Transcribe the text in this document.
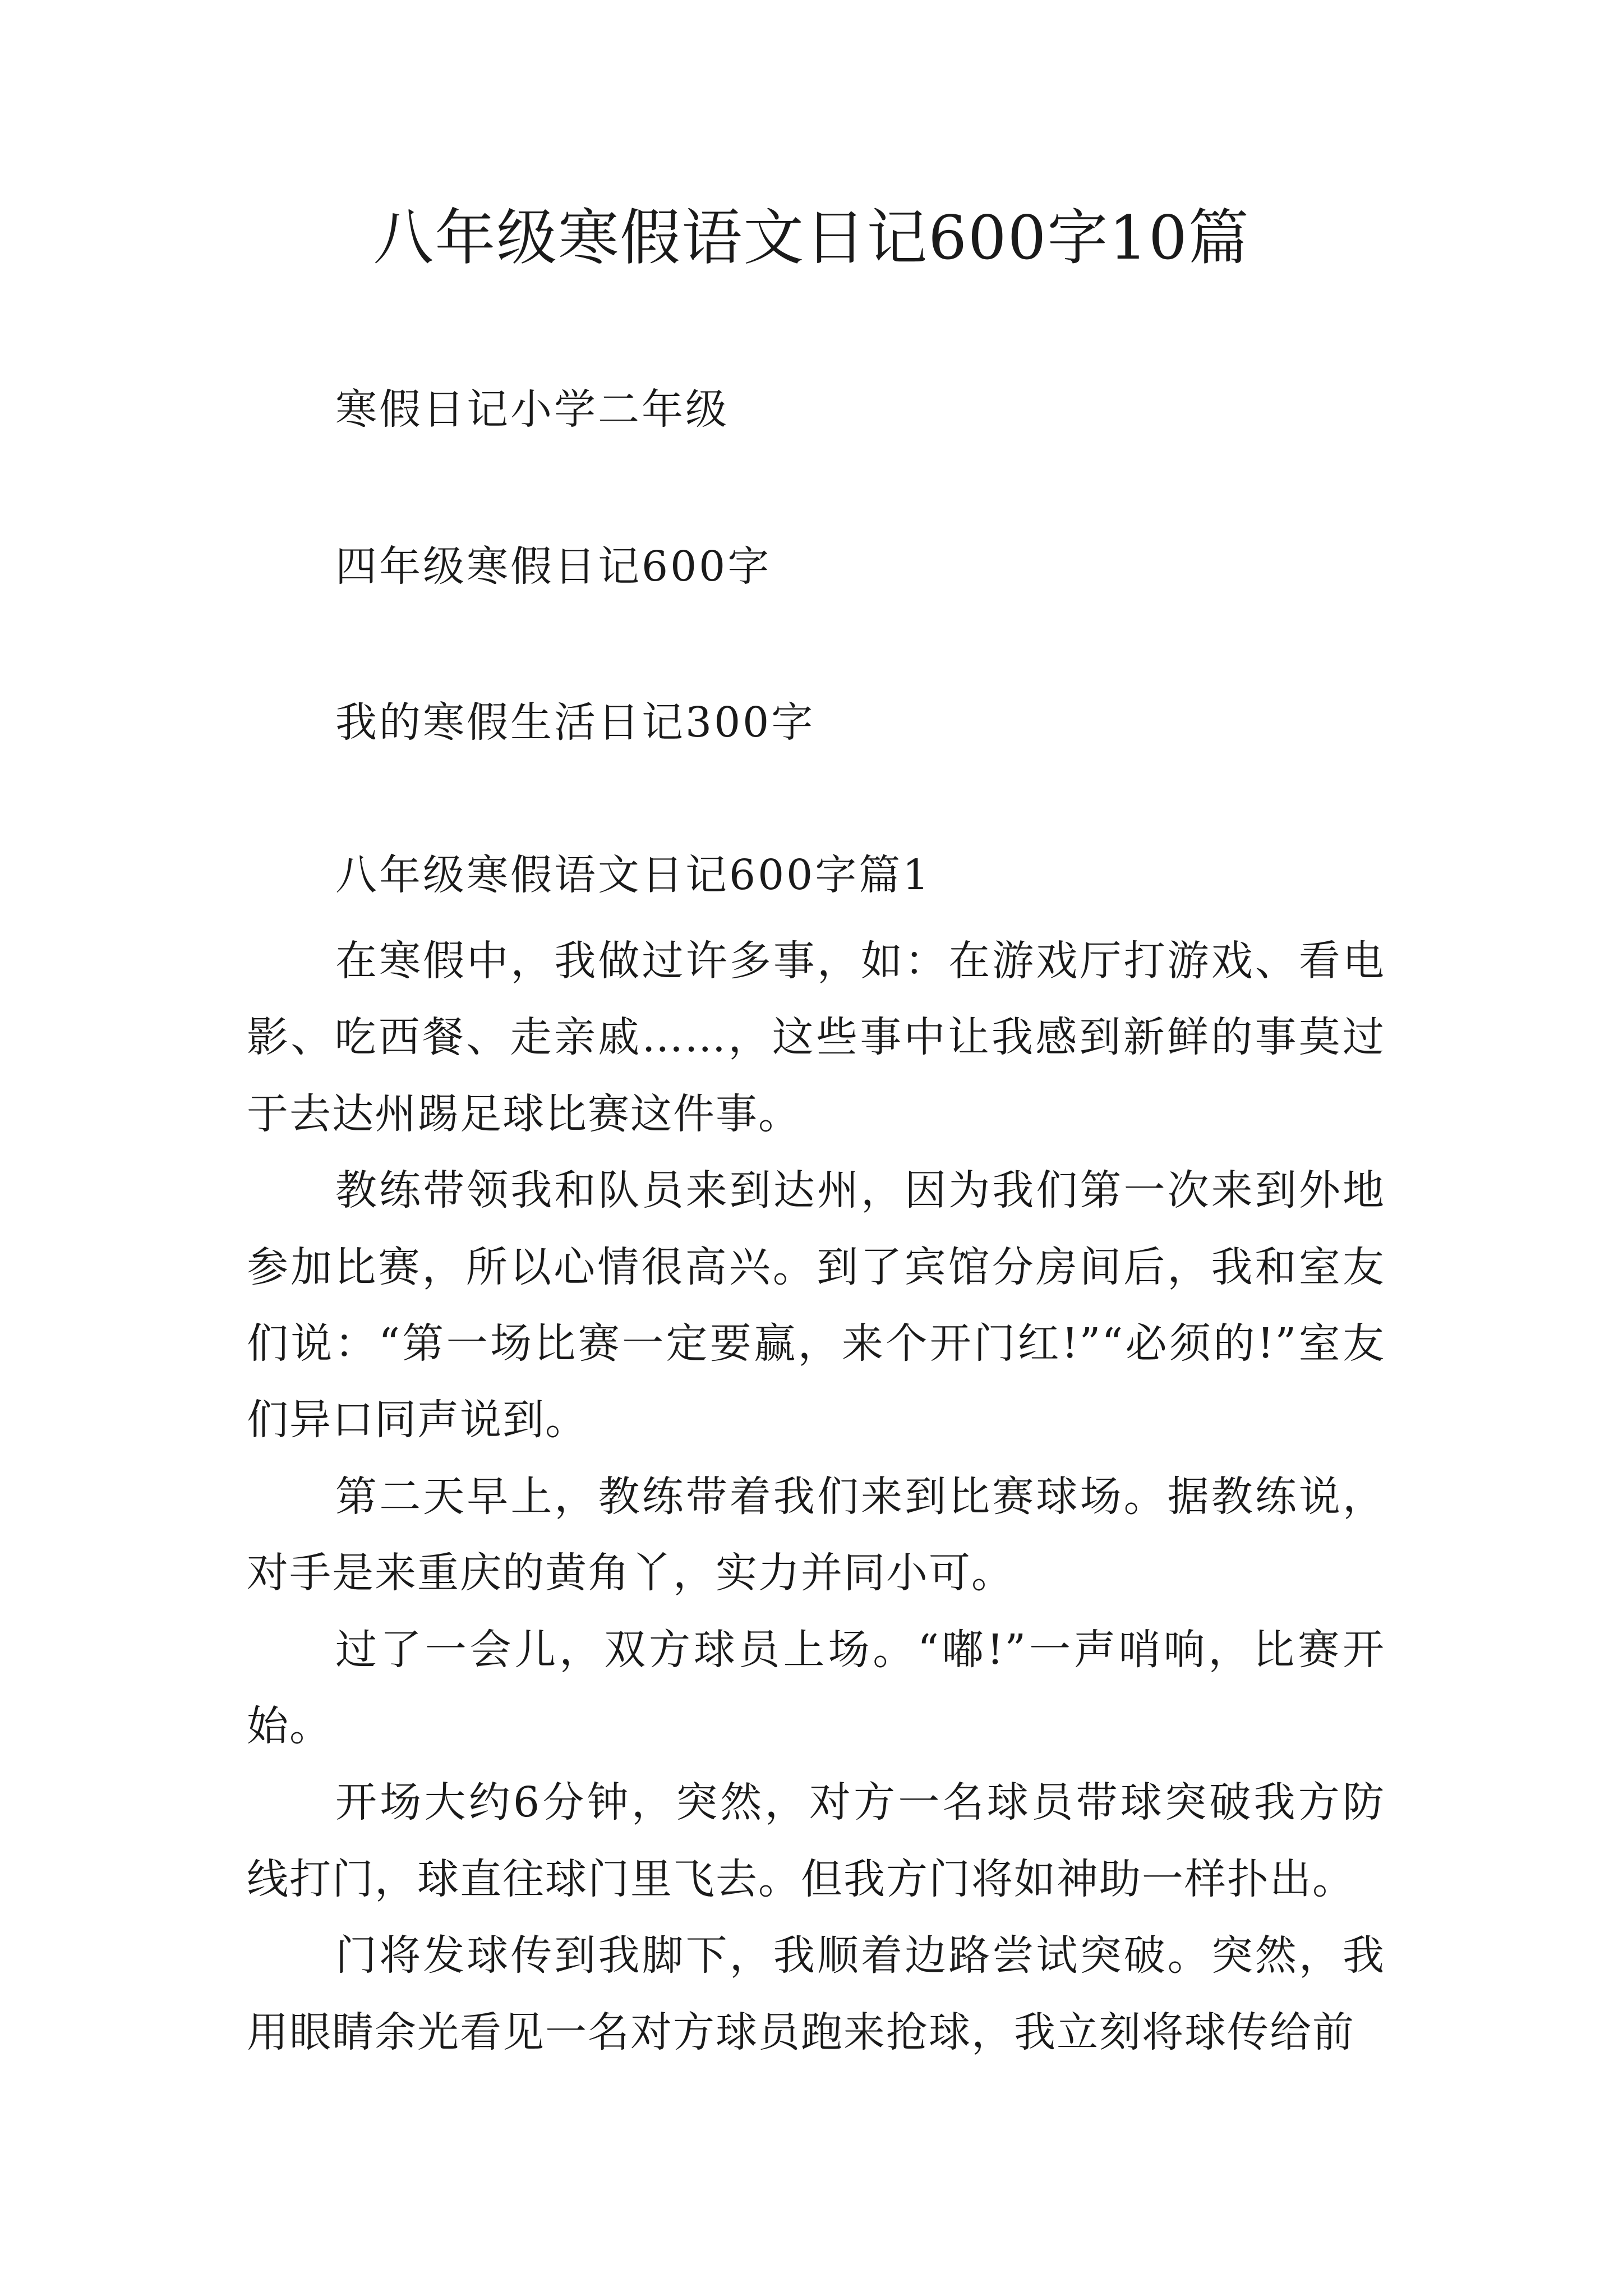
八年级寒假语文日记600字10篇

寒假日记小学二年级

四年级寒假日记600字

我的寒假生活日记300字

八年级寒假语文日记600字篇1

在寒假中，我做过许多事，如：在游戏厅打游戏、看电影、吃西餐、走亲戚……，这些事中让我感到新鲜的事莫过于去达州踢足球比赛这件事。

教练带领我和队员来到达州，因为我们第一次来到外地参加比赛，所以心情很高兴。到了宾馆分房间后，我和室友们说：“第一场比赛一定要赢，来个开门红!”“必须的!”室友们异口同声说到。

第二天早上，教练带着我们来到比赛球场。据教练说，对手是来重庆的黄角丫，实力并同小可。

过了一会儿，双方球员上场。“嘟!”一声哨响，比赛开始。

开场大约6分钟，突然，对方一名球员带球突破我方防线打门，球直往球门里飞去。但我方门将如神助一样扑出。

门将发球传到我脚下，我顺着边路尝试突破。突然，我用眼睛余光看见一名对方球员跑来抢球，我立刻将球传给前
